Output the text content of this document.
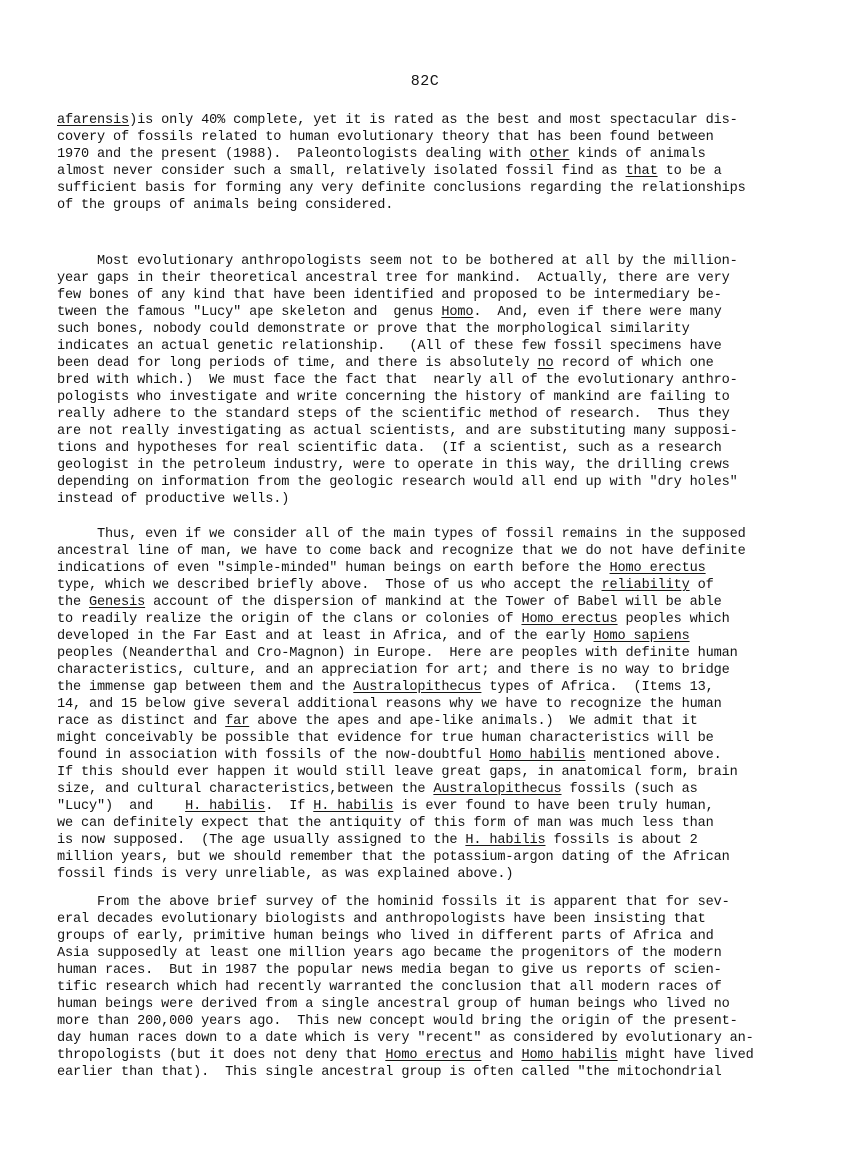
82C
afarensis)is only 40% complete, yet it is rated as the best and most spectacular dis-
covery of fossils related to human evolutionary theory that has been found between
1970 and the present (1988).  Paleontologists dealing with other kinds of animals
almost never consider such a small, relatively isolated fossil find as that to be a
sufficient basis for forming any very definite conclusions regarding the relationships
of the groups of animals being considered.
Most evolutionary anthropologists seem not to be bothered at all by the million-
year gaps in their theoretical ancestral tree for mankind.  Actually, there are very
few bones of any kind that have been identified and proposed to be intermediary be-
tween the famous "Lucy" ape skeleton and  genus Homo.  And, even if there were many
such bones, nobody could demonstrate or prove that the morphological similarity
indicates an actual genetic relationship.   (All of these few fossil specimens have
been dead for long periods of time, and there is absolutely no record of which one
bred with which.)  We must face the fact that  nearly all of the evolutionary anthro-
pologists who investigate and write concerning the history of mankind are failing to
really adhere to the standard steps of the scientific method of research.  Thus they
are not really investigating as actual scientists, and are substituting many supposi-
tions and hypotheses for real scientific data.  (If a scientist, such as a research
geologist in the petroleum industry, were to operate in this way, the drilling crews
depending on information from the geologic research would all end up with "dry holes"
instead of productive wells.)
Thus, even if we consider all of the main types of fossil remains in the supposed
ancestral line of man, we have to come back and recognize that we do not have definite
indications of even "simple-minded" human beings on earth before the Homo erectus
type, which we described briefly above.  Those of us who accept the reliability of
the Genesis account of the dispersion of mankind at the Tower of Babel will be able
to readily realize the origin of the clans or colonies of Homo erectus peoples which
developed in the Far East and at least in Africa, and of the early Homo sapiens
peoples (Neanderthal and Cro-Magnon) in Europe.  Here are peoples with definite human
characteristics, culture, and an appreciation for art; and there is no way to bridge
the immense gap between them and the Australopithecus types of Africa.  (Items 13,
14, and 15 below give several additional reasons why we have to recognize the human
race as distinct and far above the apes and ape-like animals.)  We admit that it
might conceivably be possible that evidence for true human characteristics will be
found in association with fossils of the now-doubtful Homo habilis mentioned above.
If this should ever happen it would still leave great gaps, in anatomical form, brain
size, and cultural characteristics,between the Australopithecus fossils (such as
"Lucy")  and    H. habilis.  If H. habilis is ever found to have been truly human,
we can definitely expect that the antiquity of this form of man was much less than
is now supposed.  (The age usually assigned to the H. habilis fossils is about 2
million years, but we should remember that the potassium-argon dating of the African
fossil finds is very unreliable, as was explained above.)
From the above brief survey of the hominid fossils it is apparent that for sev-
eral decades evolutionary biologists and anthropologists have been insisting that
groups of early, primitive human beings who lived in different parts of Africa and
Asia supposedly at least one million years ago became the progenitors of the modern
human races.  But in 1987 the popular news media began to give us reports of scien-
tific research which had recently warranted the conclusion that all modern races of
human beings were derived from a single ancestral group of human beings who lived no
more than 200,000 years ago.  This new concept would bring the origin of the present-
day human races down to a date which is very "recent" as considered by evolutionary an-
thropologists (but it does not deny that Homo erectus and Homo habilis might have lived
earlier than that).  This single ancestral group is often called "the mitochondrial
